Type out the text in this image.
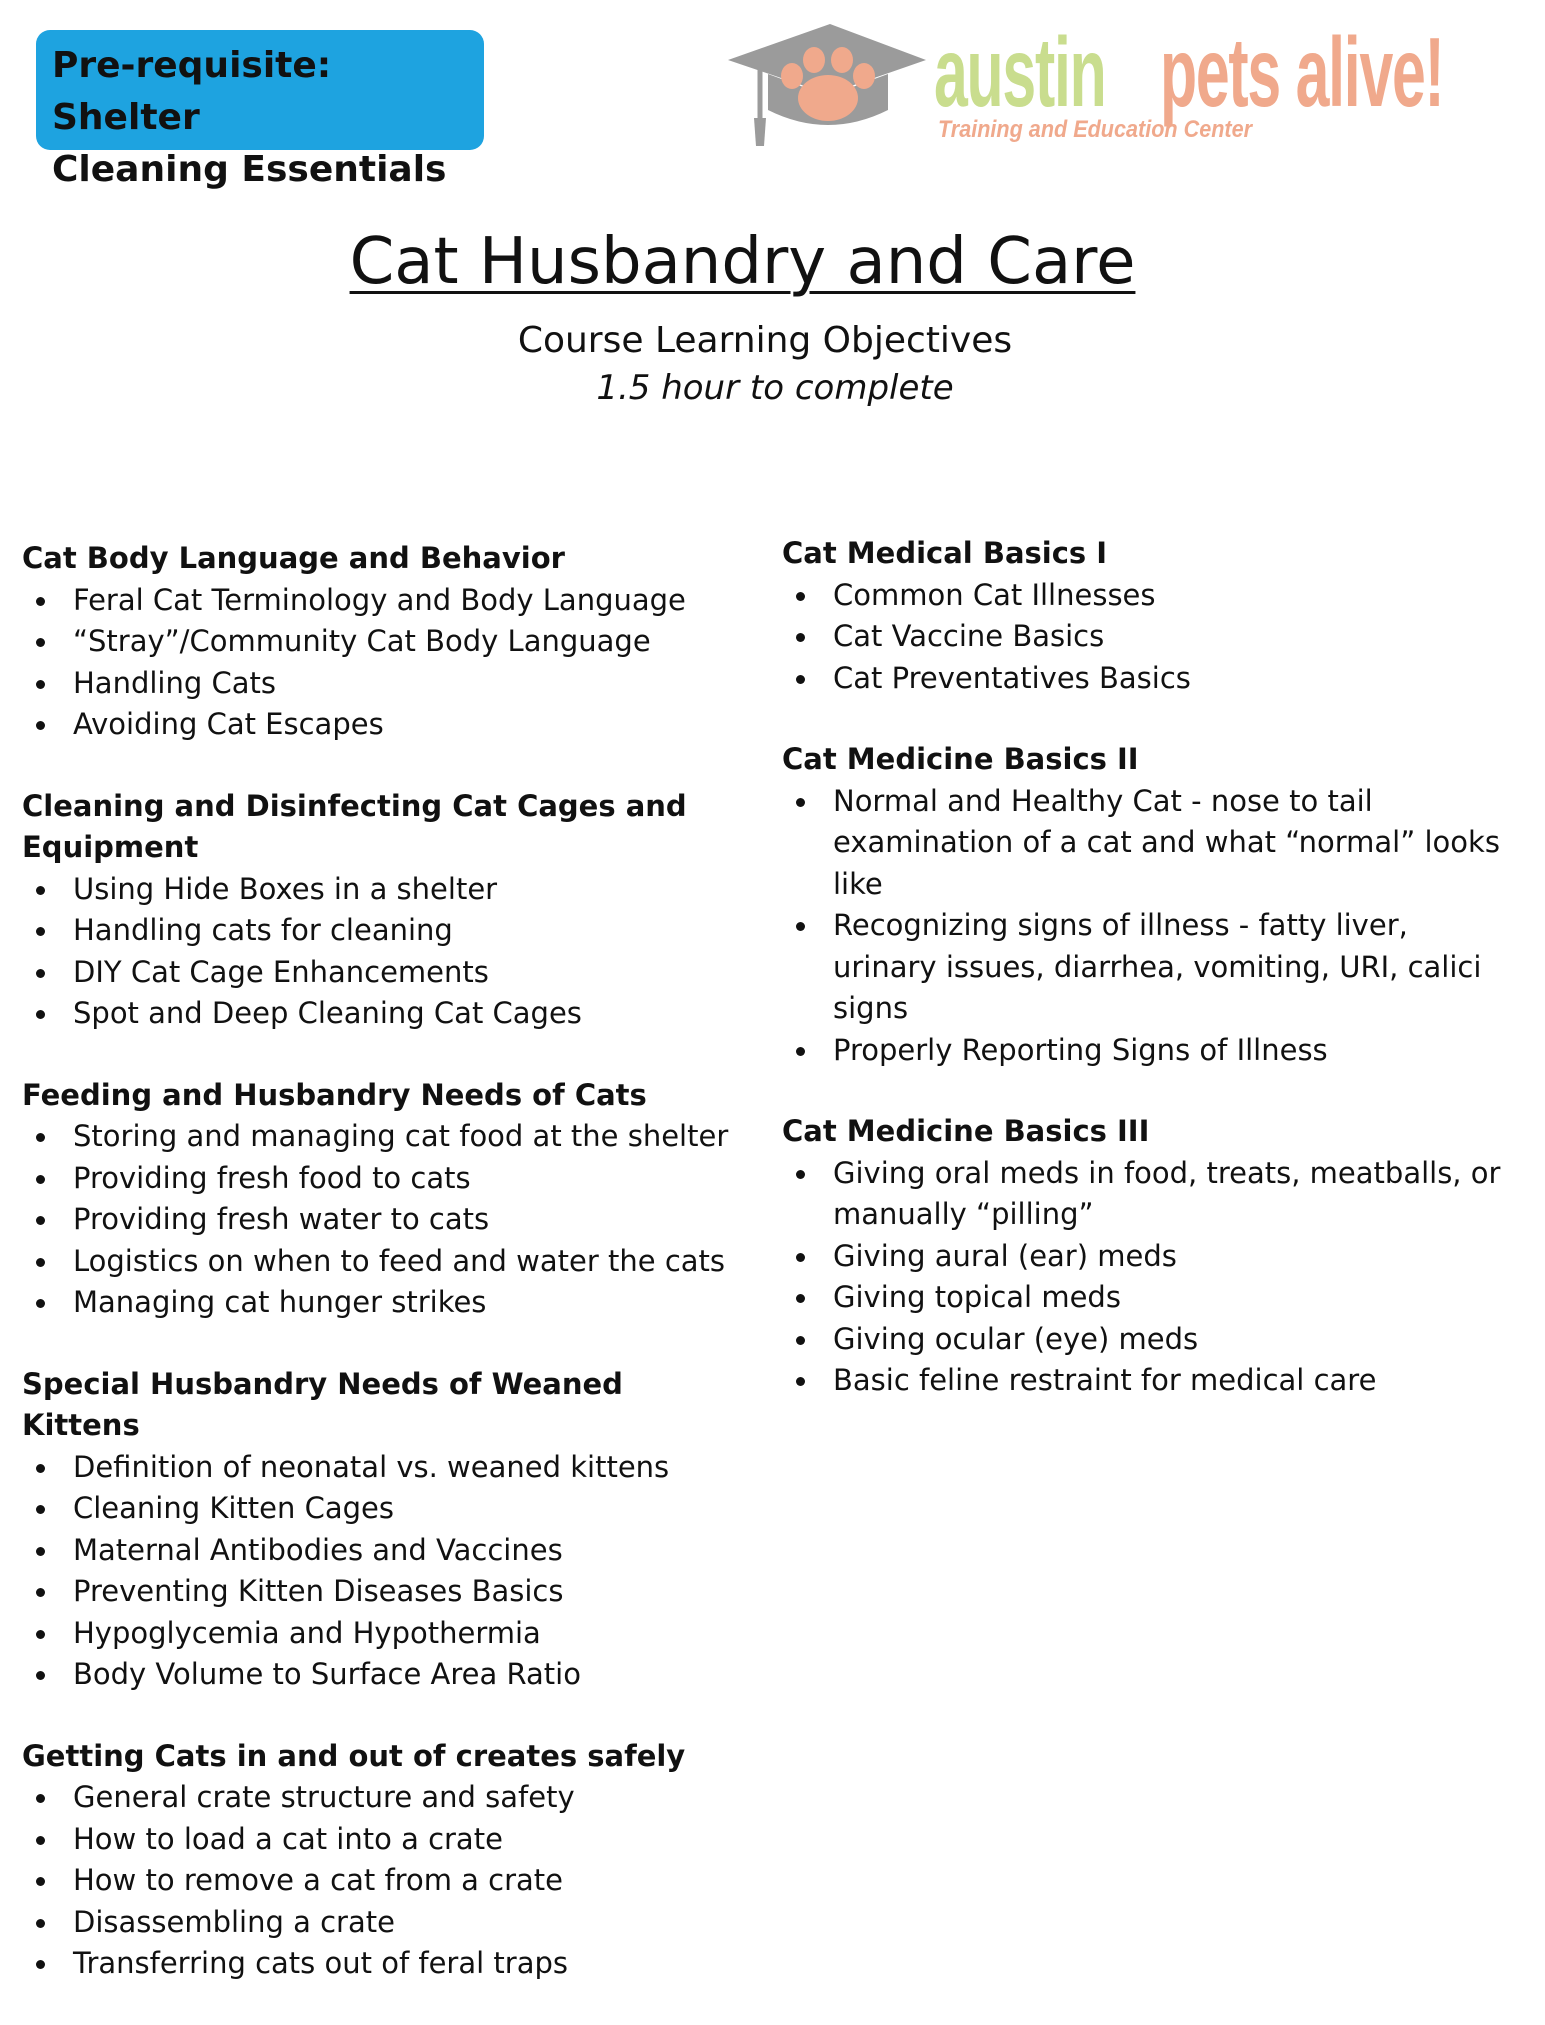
Pre-requisite: Shelter
Cleaning Essentials
austin pets alive!
Training and Education Center
Cat Husbandry and Care

Course Learning Objectives

1.5 hour to complete

Cat Body Language and Behavior

Feral Cat Terminology and Body Language
“Stray”/Community Cat Body Language
Handling Cats
Avoiding Cat Escapes

Cleaning and Disinfecting Cat Cages and Equipment

Using Hide Boxes in a shelter
Handling cats for cleaning
DIY Cat Cage Enhancements
Spot and Deep Cleaning Cat Cages

Feeding and Husbandry Needs of Cats

Storing and managing cat food at the shelter
Providing fresh food to cats
Providing fresh water to cats
Logistics on when to feed and water the cats
Managing cat hunger strikes

Special Husbandry Needs of Weaned Kittens

Definition of neonatal vs. weaned kittens
Cleaning Kitten Cages
Maternal Antibodies and Vaccines
Preventing Kitten Diseases Basics
Hypoglycemia and Hypothermia
Body Volume to Surface Area Ratio

Getting Cats in and out of creates safely

General crate structure and safety
How to load a cat into a crate
How to remove a cat from a crate
Disassembling a crate
Transferring cats out of feral traps

Cat Medical Basics I

Common Cat Illnesses
Cat Vaccine Basics
Cat Preventatives Basics

Cat Medicine Basics II

Normal and Healthy Cat - nose to tail examination of a cat and what “normal” looks like
Recognizing signs of illness - fatty liver, urinary issues, diarrhea, vomiting, URI, calici signs
Properly Reporting Signs of Illness

Cat Medicine Basics III

Giving oral meds in food, treats, meatballs, or manually “pilling”
Giving aural (ear) meds
Giving topical meds
Giving ocular (eye) meds
Basic feline restraint for medical care
